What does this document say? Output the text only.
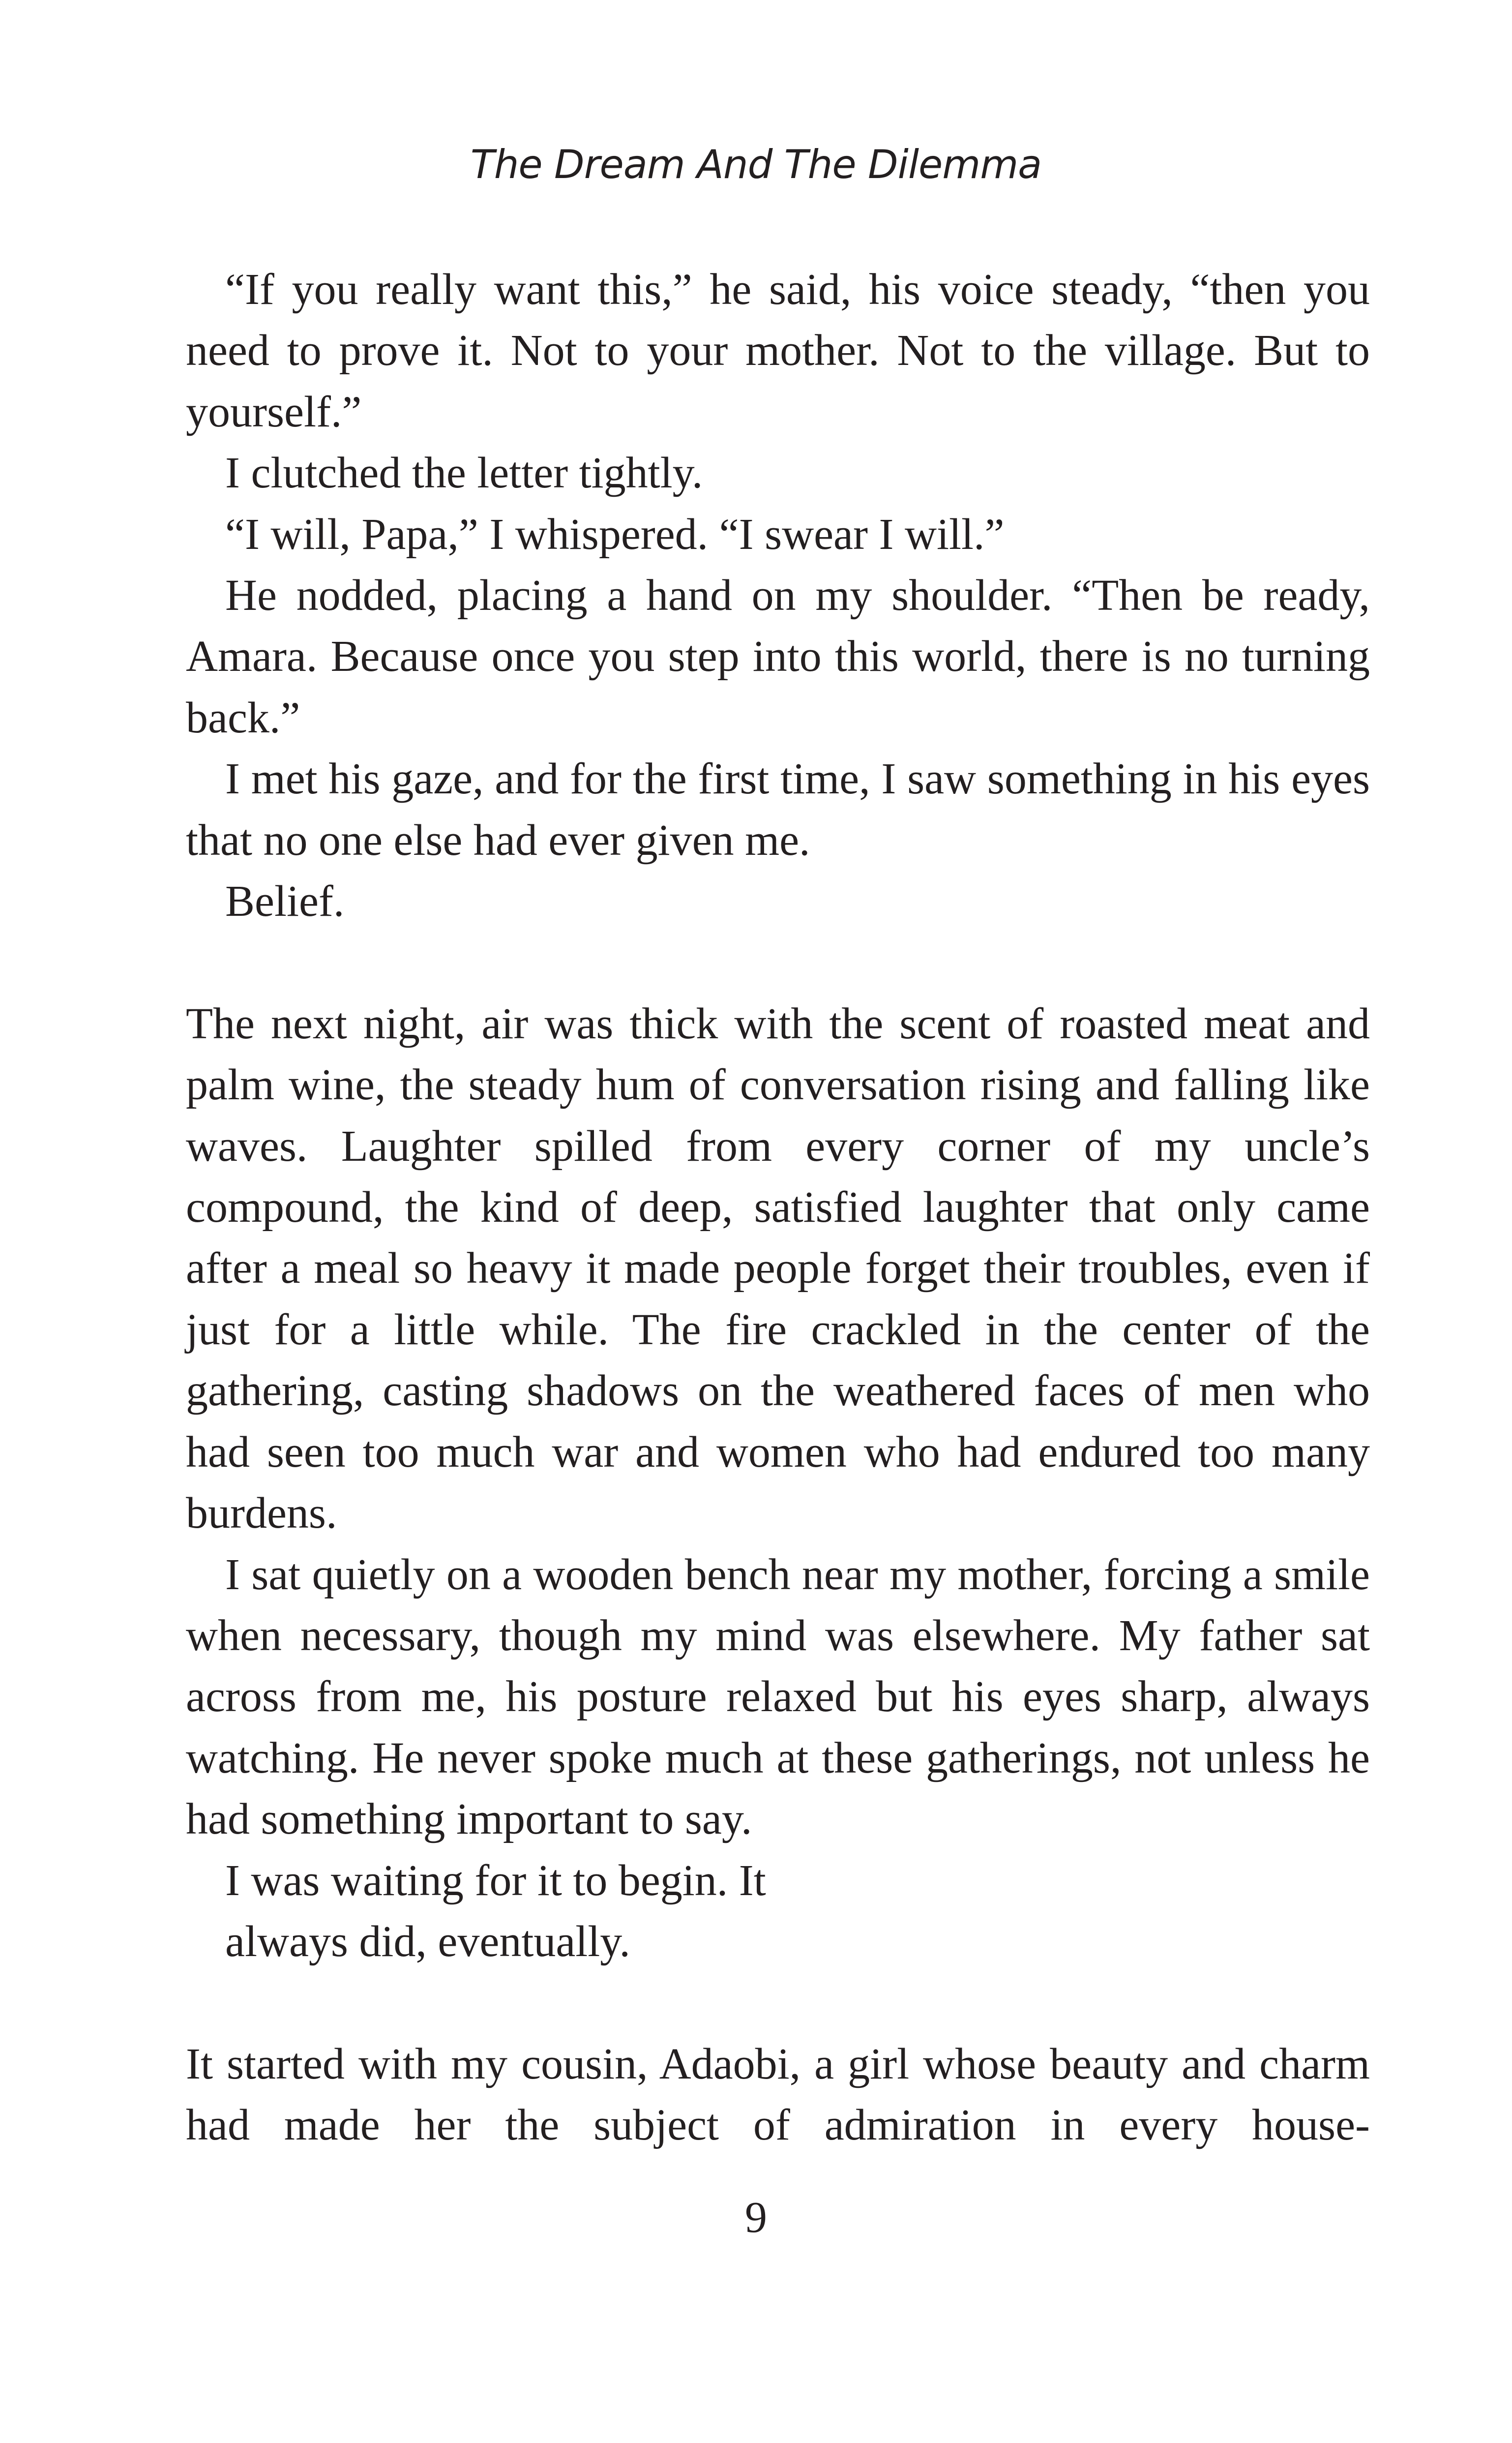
The Dream And The Dilemma

“If you really want this,” he said, his voice steady, “then you need to prove it. Not to your mother. Not to the village. But to yourself.”

I clutched the letter tightly.

“I will, Papa,” I whispered. “I swear I will.”

He nodded, placing a hand on my shoulder. “Then be ready, Amara. Because once you step into this world, there is no turning back.”

I met his gaze, and for the first time, I saw something in his eyes that no one else had ever given me.

Belief.

The next night, air was thick with the scent of roasted meat and palm wine, the steady hum of conversation rising and falling like waves. Laughter spilled from every corner of my uncle’s compound, the kind of deep, satisfied laughter that only came after a meal so heavy it made people forget their troubles, even if just for a little while. The fire crackled in the center of the gathering, casting shadows on the weathered faces of men who had seen too much war and women who had endured too many burdens.

I sat quietly on a wooden bench near my mother, forcing a smile when necessary, though my mind was elsewhere. My father sat across from me, his posture relaxed but his eyes sharp, always watching. He never spoke much at these gatherings, not unless he had something important to say.

I was waiting for it to begin. It

always did, eventually.

It started with my cousin, Adaobi, a girl whose beauty and charm had made her the subject of admiration in every house-

9
